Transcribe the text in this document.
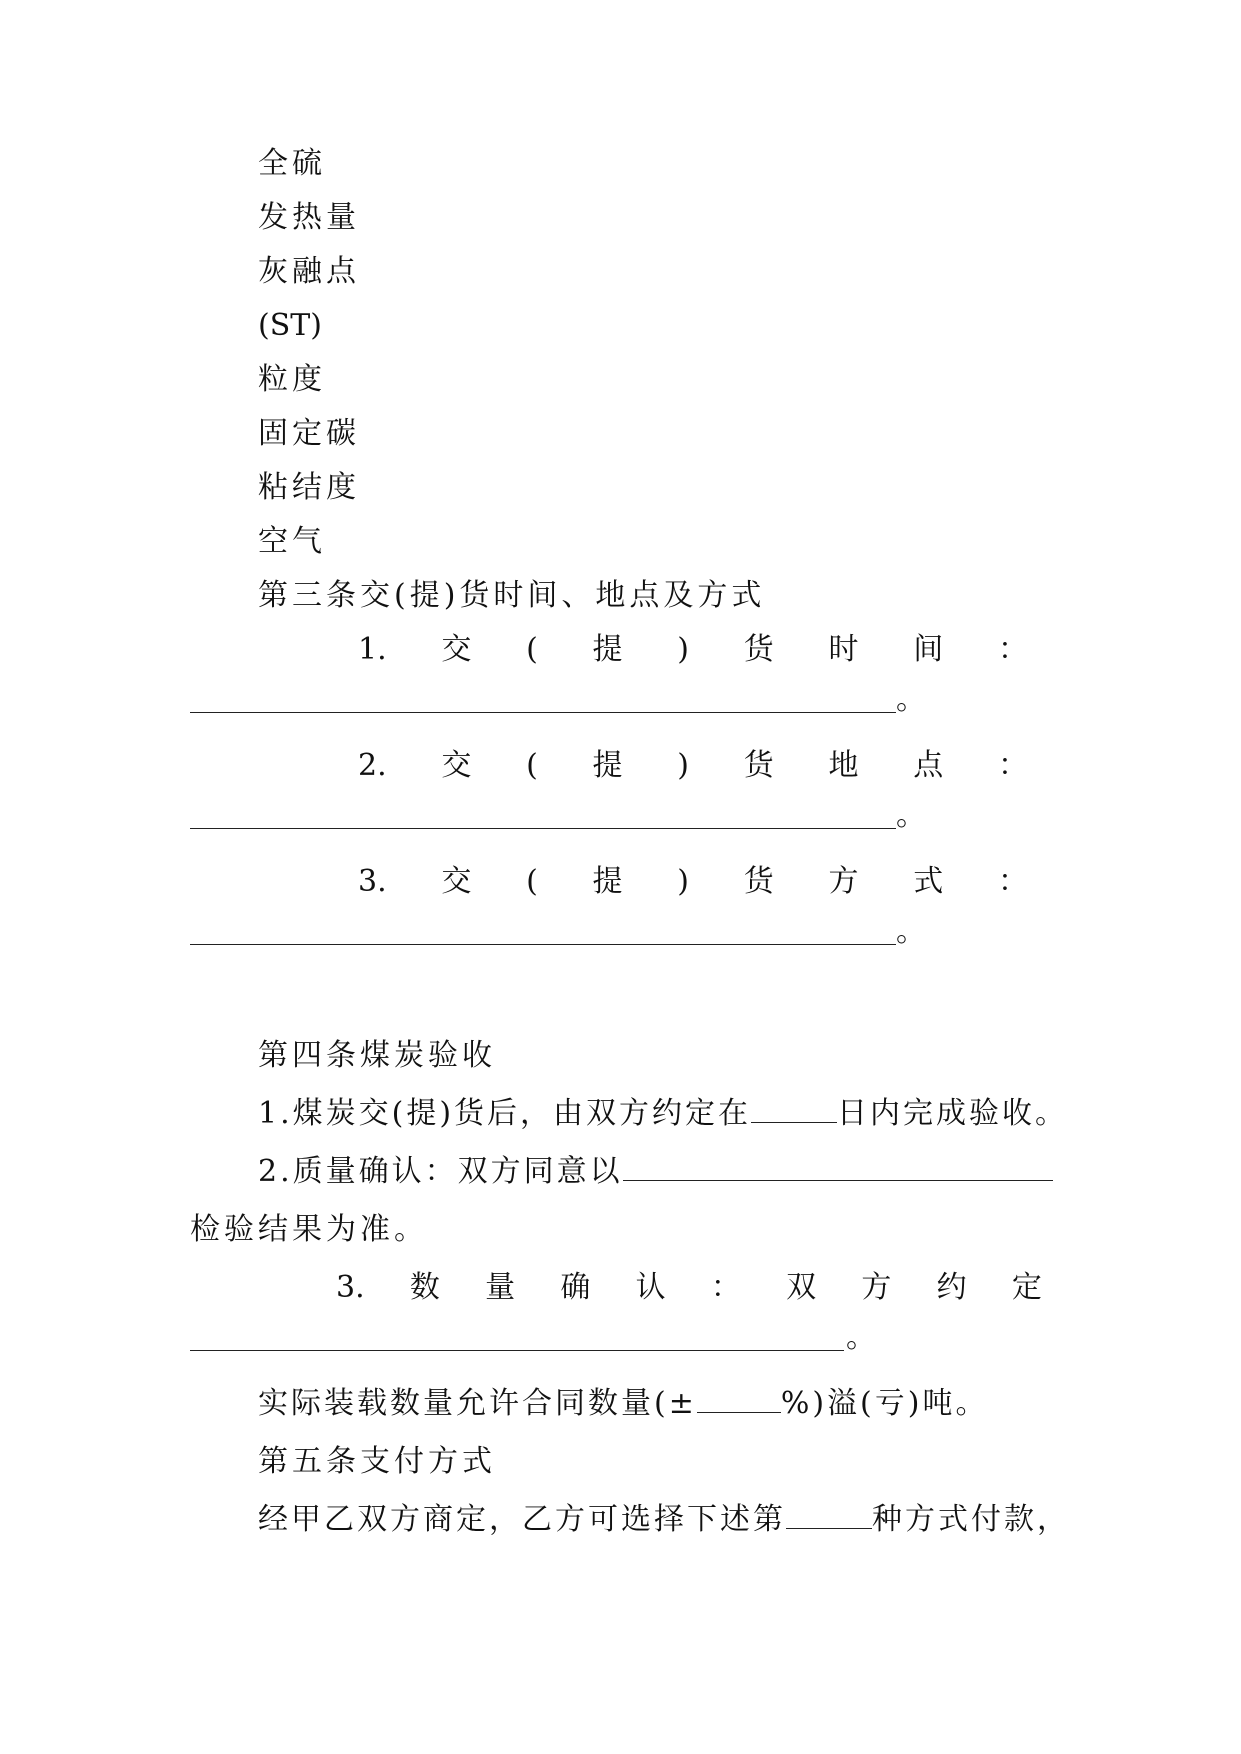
全硫
发热量
灰融点
(ST)
粒度
固定碳
粘结度
空气
第三条交(提)货时间、地点及方式
1. 交 ( 提 ) 货 时 间 ：
。
2. 交 ( 提 ) 货 地 点 ：
。
3. 交 ( 提 ) 货 方 式 ：
。
第四条煤炭验收
1.煤炭交(提)货后，由双方约定在	日内完成验收。
2.质量确认：双方同意以
检验结果为准。
3. 数 量 确 认 ： 双 方 约 定
。
实际装载数量允许合同数量(±	%)溢(亏)吨。
第五条支付方式
经甲乙双方商定，乙方可选择下述第	种方式付款，
